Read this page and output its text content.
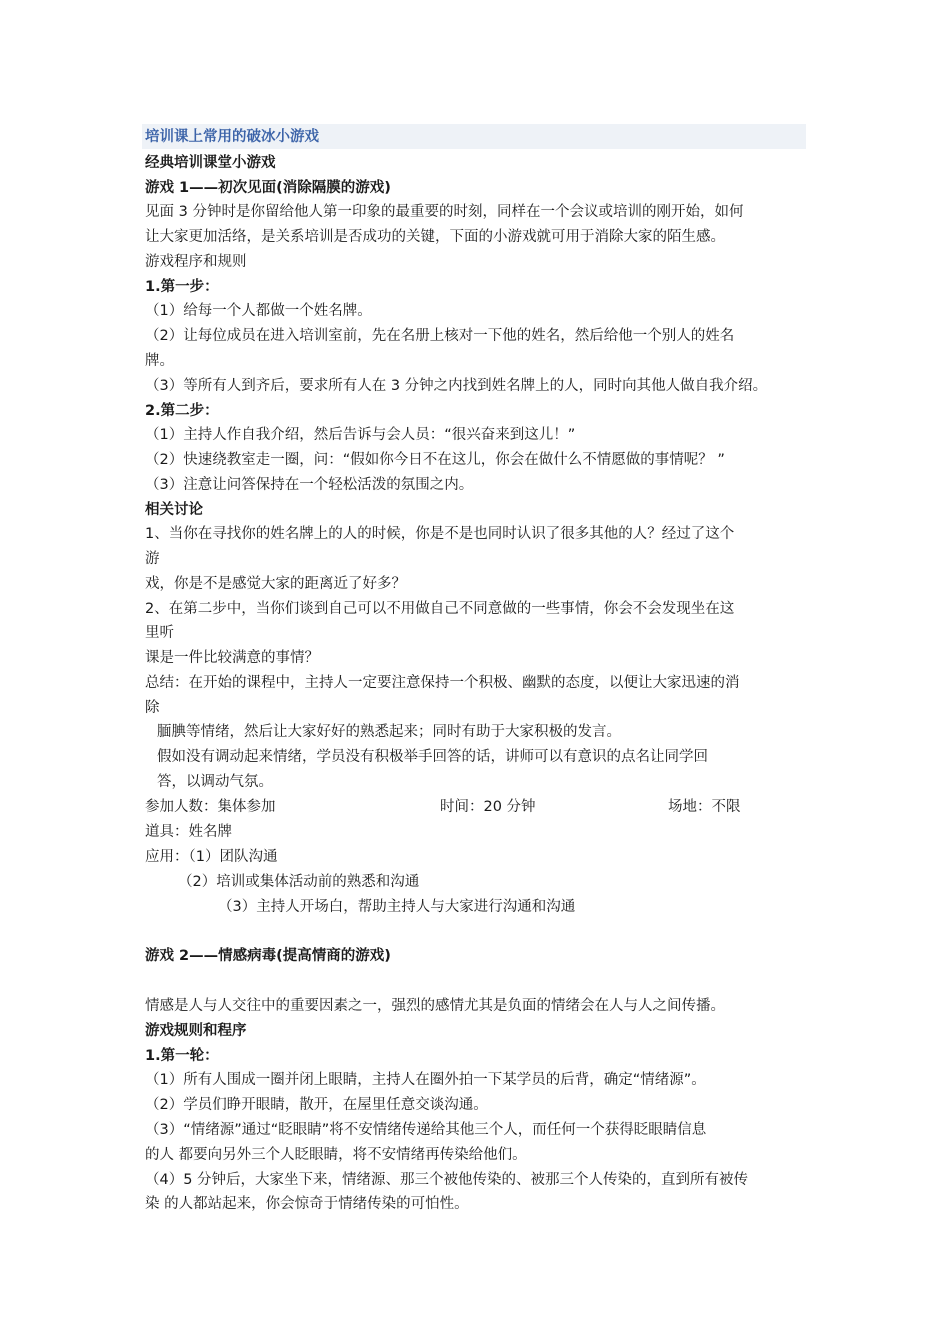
培训课上常用的破冰小游戏
经典培训课堂小游戏
游戏 1——初次见面(消除隔膜的游戏)
见面 3 分钟时是你留给他人第一印象的最重要的时刻，同样在一个会议或培训的刚开始，如何
让大家更加活络，是关系培训是否成功的关键，下面的小游戏就可用于消除大家的陌生感。
游戏程序和规则
1.第一步：
（1）给每一个人都做一个姓名牌。
（2）让每位成员在进入培训室前，先在名册上核对一下他的姓名，然后给他一个别人的姓名
牌。
（3）等所有人到齐后，要求所有人在 3 分钟之内找到姓名牌上的人，同时向其他人做自我介绍。
2.第二步：
（1）主持人作自我介绍，然后告诉与会人员：“很兴奋来到这儿！”
（2）快速绕教室走一圈，问：“假如你今日不在这儿，你会在做什么不情愿做的事情呢？ ”
（3）注意让问答保持在一个轻松活泼的氛围之内。
相关讨论
1、当你在寻找你的姓名牌上的人的时候，你是不是也同时认识了很多其他的人？经过了这个
游
戏，你是不是感觉大家的距离近了好多？
2、在第二步中，当你们谈到自己可以不用做自己不同意做的一些事情，你会不会发现坐在这
里听
课是一件比较满意的事情？
总结：在开始的课程中，主持人一定要注意保持一个积极、幽默的态度，以便让大家迅速的消
除
腼腆等情绪，然后让大家好好的熟悉起来；同时有助于大家积极的发言。
假如没有调动起来情绪，学员没有积极举手回答的话，讲师可以有意识的点名让同学回
答，以调动气氛。
参加人数：集体参加	时间：20 分钟	场地：不限
道具：姓名牌
应用：（1）团队沟通
（2）培训或集体活动前的熟悉和沟通
（3）主持人开场白，帮助主持人与大家进行沟通和沟通
游戏 2——情感病毒(提高情商的游戏)
情感是人与人交往中的重要因素之一，强烈的感情尤其是负面的情绪会在人与人之间传播。
游戏规则和程序
1.第一轮：
（1）所有人围成一圈并闭上眼睛，主持人在圈外拍一下某学员的后背，确定“情绪源”。
（2）学员们睁开眼睛，散开，在屋里任意交谈沟通。
（3）“情绪源”通过“眨眼睛”将不安情绪传递给其他三个人，而任何一个获得眨眼睛信息
的人 都要向另外三个人眨眼睛，将不安情绪再传染给他们。
（4）5 分钟后，大家坐下来，情绪源、那三个被他传染的、被那三个人传染的，直到所有被传
染 的人都站起来，你会惊奇于情绪传染的可怕性。
